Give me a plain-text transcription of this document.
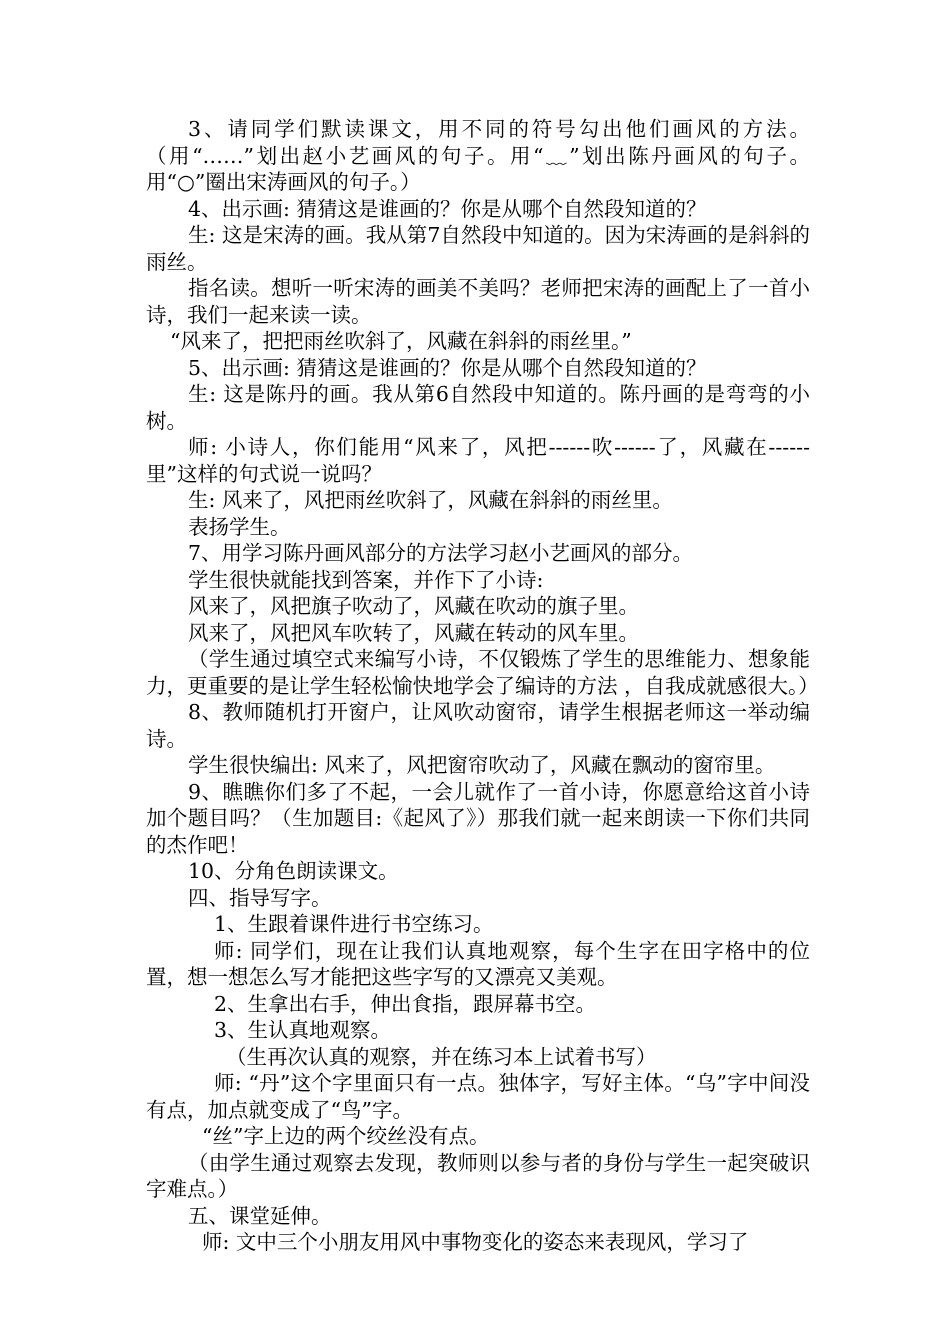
3、请同学们默读课文，用不同的符号勾出他们画风的方法。（用“……”划出赵小艺画风的句子。用“﹏”划出陈丹画风的句子。用“○”圈出宋涛画风的句子。）

4、出示画: 猜猜这是谁画的？你是从哪个自然段知道的？

生: 这是宋涛的画。我从第7自然段中知道的。因为宋涛画的是斜斜的雨丝。

指名读。想听一听宋涛的画美不美吗？老师把宋涛的画配上了一首小诗，我们一起来读一读。

“风来了，把把雨丝吹斜了，风藏在斜斜的雨丝里。”

5、出示画: 猜猜这是谁画的？你是从哪个自然段知道的？

生: 这是陈丹的画。我从第6自然段中知道的。陈丹画的是弯弯的小树。

师: 小诗人，你们能用“风来了，风把------吹------了，风藏在------里”这样的句式说一说吗？

生: 风来了，风把雨丝吹斜了，风藏在斜斜的雨丝里。

表扬学生。

7、用学习陈丹画风部分的方法学习赵小艺画风的部分。

学生很快就能找到答案，并作下了小诗:

风来了，风把旗子吹动了，风藏在吹动的旗子里。

风来了，风把风车吹转了，风藏在转动的风车里。

（学生通过填空式来编写小诗，不仅锻炼了学生的思维能力、想象能力，更重要的是让学生轻松愉快地学会了编诗的方法 ，自我成就感很大。）

8、教师随机打开窗户，让风吹动窗帘，请学生根据老师这一举动编诗。

学生很快编出: 风来了，风把窗帘吹动了，风藏在飘动的窗帘里。

9、瞧瞧你们多了不起，一会儿就作了一首小诗，你愿意给这首小诗加个题目吗？（生加题目:《起风了》）那我们就一起来朗读一下你们共同的杰作吧！

10、分角色朗读课文。

四、指导写字。

1、生跟着课件进行书空练习。

师: 同学们，现在让我们认真地观察，每个生字在田字格中的位置，想一想怎么写才能把这些字写的又漂亮又美观。

2、生拿出右手，伸出食指，跟屏幕书空。

3、生认真地观察。

（生再次认真的观察，并在练习本上试着书写）

师: “丹”这个字里面只有一点。独体字，写好主体。“乌”字中间没有点，加点就变成了“鸟”字。

“丝”字上边的两个绞丝没有点。

（由学生通过观察去发现，教师则以参与者的身份与学生一起突破识字难点。）

五、课堂延伸。

师: 文中三个小朋友用风中事物变化的姿态来表现风，学习了
